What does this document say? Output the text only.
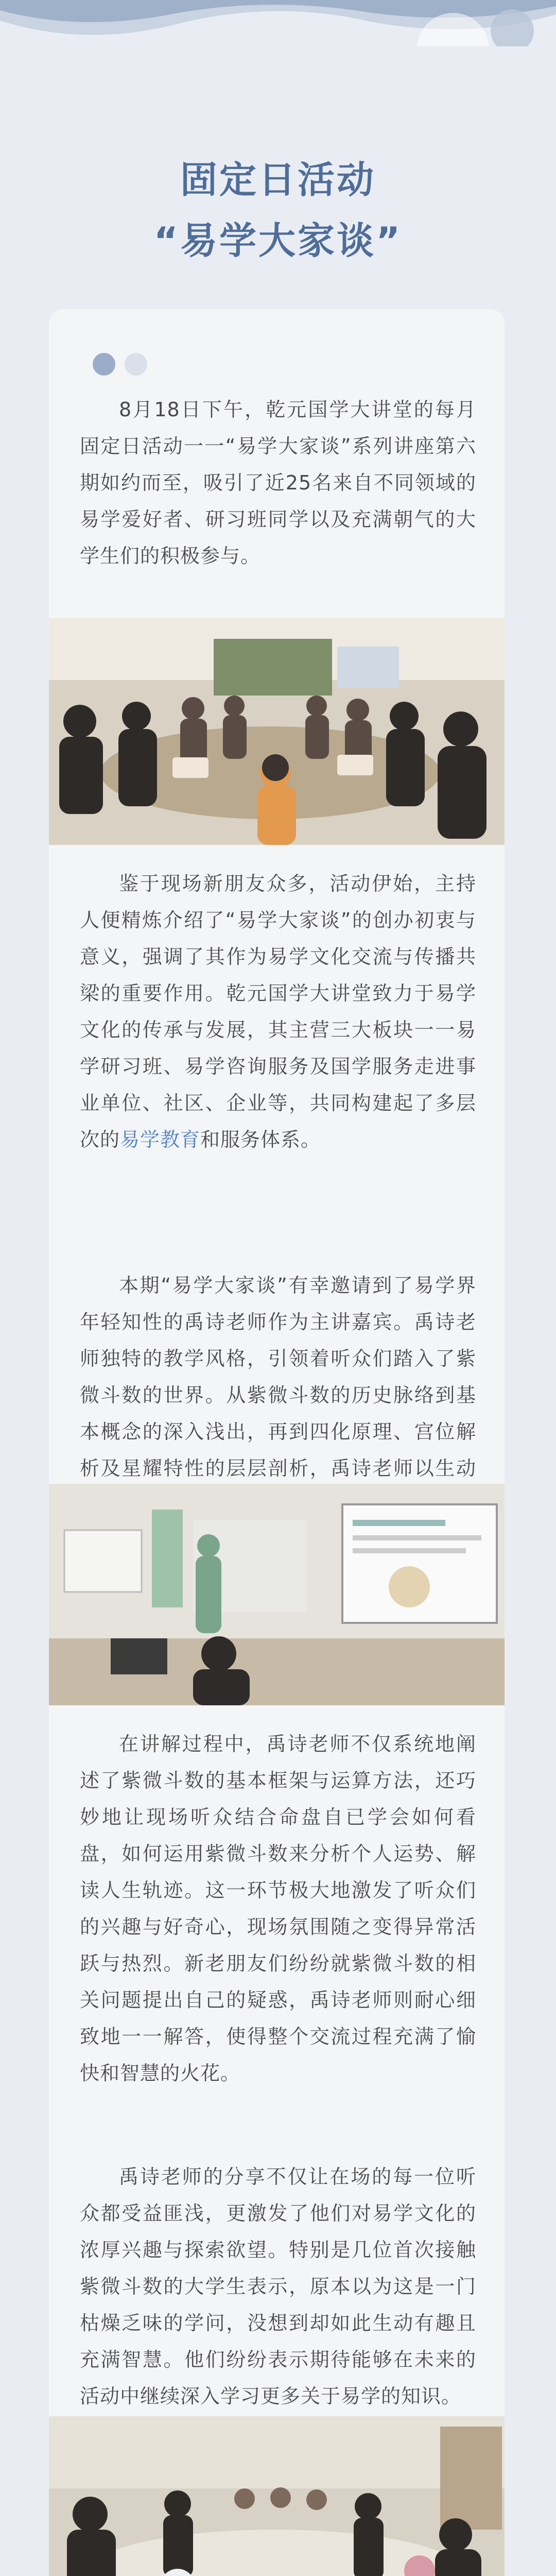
固定日活动
“易学大家谈”
8月18日下午，乾元国学大讲堂的每月固定日活动一一“易学大家谈”系列讲座第六期如约而至，吸引了近25名来自不同领域的易学爱好者、研习班同学以及充满朝气的大学生们的积极参与。
鉴于现场新朋友众多，活动伊始，主持人便精炼介绍了“易学大家谈”的创办初衷与意义，强调了其作为易学文化交流与传播共梁的重要作用。乾元国学大讲堂致力于易学文化的传承与发展，其主营三大板块一一易学研习班、易学咨询服务及国学服务走进事业单位、社区、企业等，共同构建起了多层次的易学教育和服务体系。
本期“易学大家谈”有幸邀请到了易学界年轻知性的禹诗老师作为主讲嘉宾。禹诗老师独特的教学风格，引领着听众们踏入了紫微斗数的世界。从紫微斗数的历史脉络到基本概念的深入浅出，再到四化原理、宫位解析及星耀特性的层层剖析，禹诗老师以生动
在讲解过程中，禹诗老师不仅系统地阐述了紫微斗数的基本框架与运算方法，还巧妙地让现场听众结合命盘自已学会如何看盘，如何运用紫微斗数来分析个人运势、解读人生轨迹。这一环节极大地激发了听众们的兴趣与好奇心，现场氛围随之变得异常活跃与热烈。新老朋友们纷纷就紫微斗数的相关问题提出自己的疑惑，禹诗老师则耐心细致地一一解答，使得整个交流过程充满了愉快和智慧的火花。
禹诗老师的分享不仅让在场的每一位听众都受益匪浅，更激发了他们对易学文化的浓厚兴趣与探索欲望。特别是几位首次接触紫微斗数的大学生表示，原本以为这是一门枯燥乏味的学问，没想到却如此生动有趣且充满智慧。他们纷纷表示期待能够在未来的活动中继续深入学习更多关于易学的知识。
